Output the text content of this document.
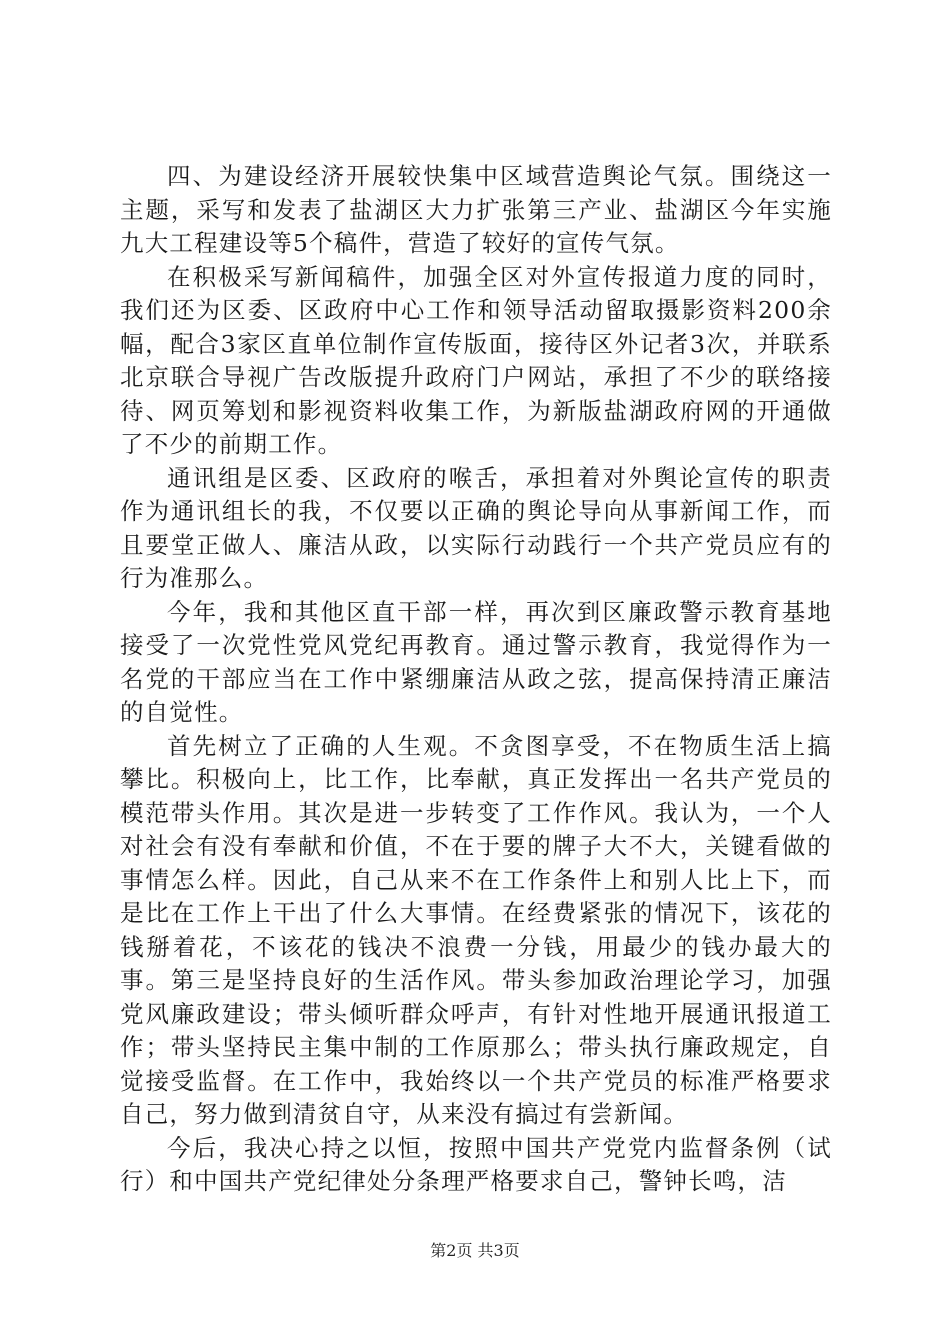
四、为建设经济开展较快集中区域营造舆论气氛。围绕这一主题，采写和发表了盐湖区大力扩张第三产业、盐湖区今年实施九大工程建设等5个稿件，营造了较好的宣传气氛。

在积极采写新闻稿件，加强全区对外宣传报道力度的同时，我们还为区委、区政府中心工作和领导活动留取摄影资料200余幅，配合3家区直单位制作宣传版面，接待区外记者3次，并联系北京联合导视广告改版提升政府门户网站，承担了不少的联络接待、网页筹划和影视资料收集工作，为新版盐湖政府网的开通做了不少的前期工作。

通讯组是区委、区政府的喉舌，承担着对外舆论宣传的职责作为通讯组长的我，不仅要以正确的舆论导向从事新闻工作，而且要堂正做人、廉洁从政，以实际行动践行一个共产党员应有的行为准那么。

今年，我和其他区直干部一样，再次到区廉政警示教育基地接受了一次党性党风党纪再教育。通过警示教育，我觉得作为一名党的干部应当在工作中紧绷廉洁从政之弦，提高保持清正廉洁的自觉性。

首先树立了正确的人生观。不贪图享受，不在物质生活上搞攀比。积极向上，比工作，比奉献，真正发挥出一名共产党员的模范带头作用。其次是进一步转变了工作作风。我认为，一个人对社会有没有奉献和价值，不在于要的牌子大不大，关键看做的事情怎么样。因此，自己从来不在工作条件上和别人比上下，而是比在工作上干出了什么大事情。在经费紧张的情况下，该花的钱掰着花，不该花的钱决不浪费一分钱，用最少的钱办最大的事。第三是坚持良好的生活作风。带头参加政治理论学习，加强党风廉政建设；带头倾听群众呼声，有针对性地开展通讯报道工作；带头坚持民主集中制的工作原那么；带头执行廉政规定，自觉接受监督。在工作中，我始终以一个共产党员的标准严格要求自己，努力做到清贫自守，从来没有搞过有尝新闻。

今后，我决心持之以恒，按照中国共产党党内监督条例（试行）和中国共产党纪律处分条理严格要求自己，警钟长鸣，洁

第2页 共3页
